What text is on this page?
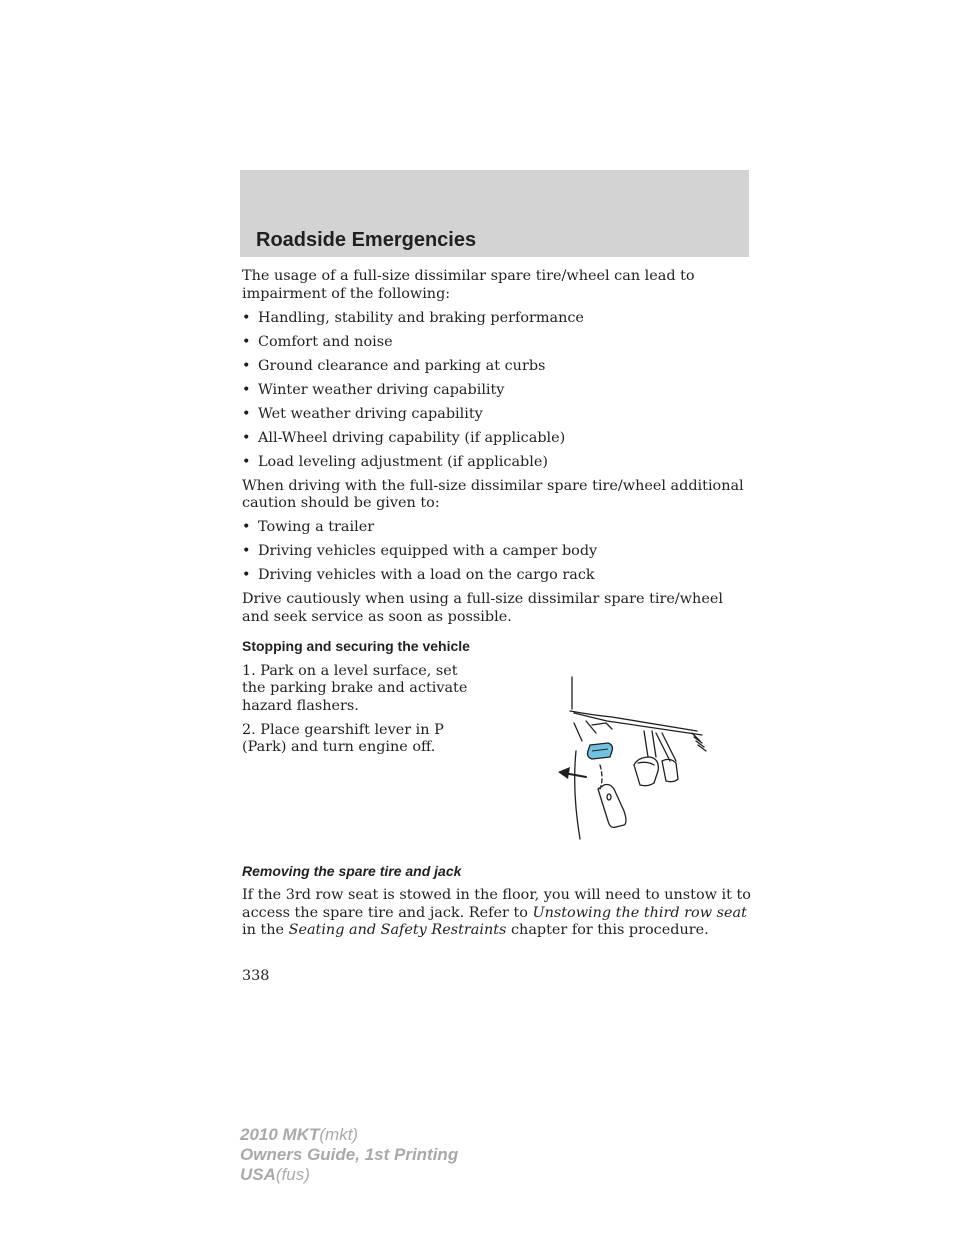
Roadside Emergencies

The usage of a full-size dissimilar spare tire/wheel can lead to impairment of the following:

• Handling, stability and braking performance
• Comfort and noise
• Ground clearance and parking at curbs
• Winter weather driving capability
• Wet weather driving capability
• All-Wheel driving capability (if applicable)
• Load leveling adjustment (if applicable)

When driving with the full-size dissimilar spare tire/wheel additional caution should be given to:

• Towing a trailer
• Driving vehicles equipped with a camper body
• Driving vehicles with a load on the cargo rack

Drive cautiously when using a full-size dissimilar spare tire/wheel and seek service as soon as possible.

Stopping and securing the vehicle

1. Park on a level surface, set the parking brake and activate hazard flashers.

2. Place gearshift lever in P (Park) and turn engine off.

Removing the spare tire and jack

If the 3rd row seat is stowed in the floor, you will need to unstow it to access the spare tire and jack. Refer to Unstowing the third row seat in the Seating and Safety Restraints chapter for this procedure.

338
2010 MKT(mkt)
Owners Guide, 1st Printing
USA(fus)
